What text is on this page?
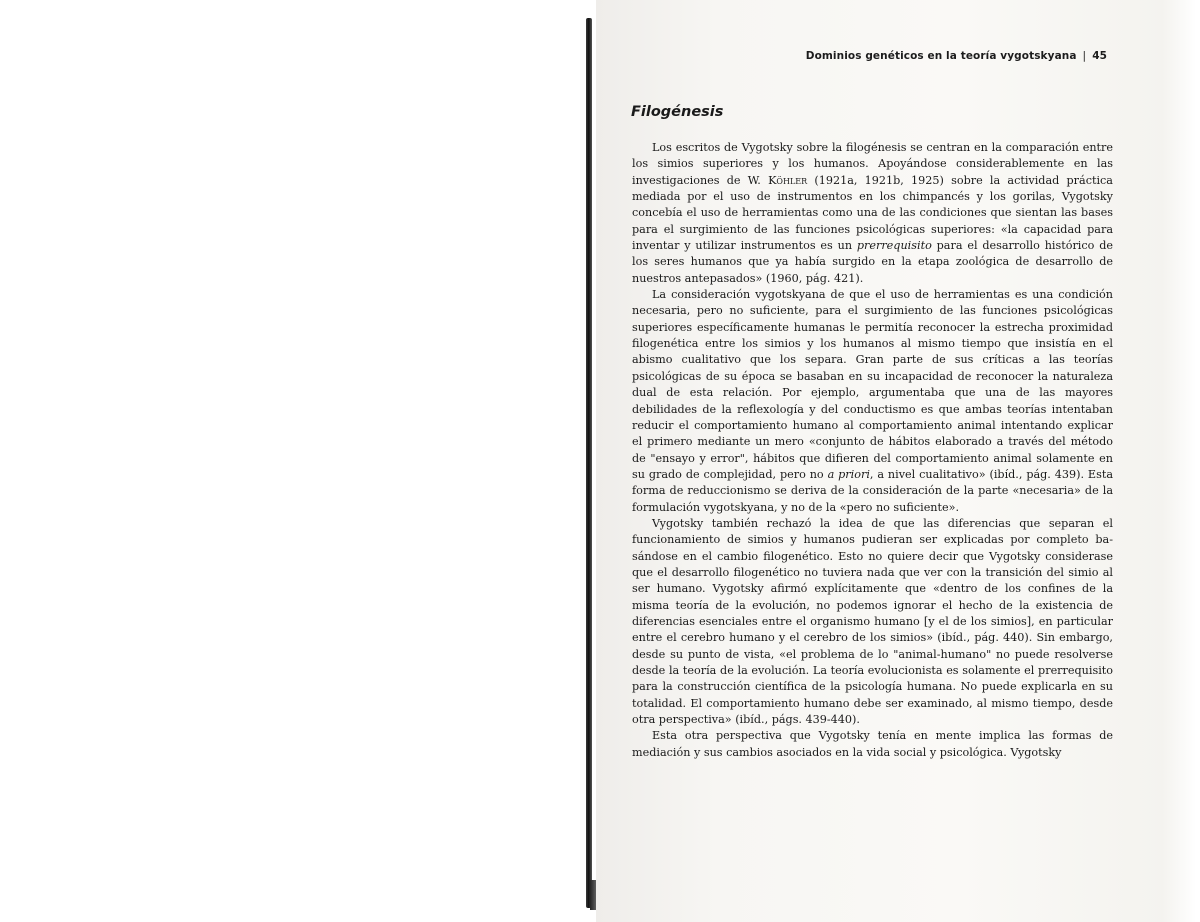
Dominios genéticos en la teoría vygotskyana | 45
Filogénesis

Los escritos de Vygotsky sobre la filogénesis se centran en la comparación entre los simios superiores y los humanos. Apoyándose considerablemente en las investigaciones de W. Köhler (1921a, 1921b, 1925) sobre la actividad práctica mediada por el uso de instrumentos en los chimpancés y los gorilas, Vygotsky concebía el uso de herramientas como una de las condiciones que sientan las bases para el surgimiento de las funciones psicológicas superiores: «la capacidad para inventar y utilizar instrumentos es un prerrequisito para el desarrollo histórico de los seres humanos que ya había surgido en la etapa zoológica de desarrollo de nuestros antepasados» (1960, pág. 421).

La consideración vygotskyana de que el uso de herramientas es una condición necesaria, pero no suficiente, para el surgimiento de las funciones psicológicas superiores específicamente humanas le permitía reconocer la estrecha proximidad filogenética entre los simios y los humanos al mismo tiempo que insistía en el abismo cualitativo que los separa. Gran parte de sus críticas a las teorías psicológicas de su época se basaban en su incapacidad de reconocer la naturaleza dual de esta relación. Por ejemplo, argumentaba que una de las mayores debilidades de la reflexología y del conductismo es que ambas teorías intentaban reducir el comportamiento humano al comportamiento animal intentando explicar el primero mediante un mero «conjunto de hábitos elaborado a través del método de "ensayo y error", hábitos que difieren del comportamiento animal solamente en su grado de complejidad, pero no a priori, a nivel cualitativo» (ibíd., pág. 439). Esta forma de reduccionismo se deriva de la consideración de la parte «necesaria» de la formulación vygotskyana, y no de la «pero no suficiente».

Vygotsky también rechazó la idea de que las diferencias que separan el funcionamiento de simios y humanos pudieran ser explicadas por completo basándose en el cambio filogenético. Esto no quiere decir que Vygotsky considerase que el desarrollo filogenético no tuviera nada que ver con la transición del simio al ser humano. Vygotsky afirmó explícitamente que «dentro de los confines de la misma teoría de la evolución, no podemos ignorar el hecho de la existencia de diferencias esenciales entre el organismo humano [y el de los simios], en particular entre el cerebro humano y el cerebro de los simios» (ibíd., pág. 440). Sin embargo, desde su punto de vista, «el problema de lo "animal-humano" no puede resolverse desde la teoría de la evolución. La teoría evolucionista es solamente el prerrequisito para la construcción científica de la psicología humana. No puede explicarla en su totalidad. El comportamiento humano debe ser examinado, al mismo tiempo, desde otra perspectiva» (ibíd., págs. 439-440).

Esta otra perspectiva que Vygotsky tenía en mente implica las formas de mediación y sus cambios asociados en la vida social y psicológica. Vygotsky
